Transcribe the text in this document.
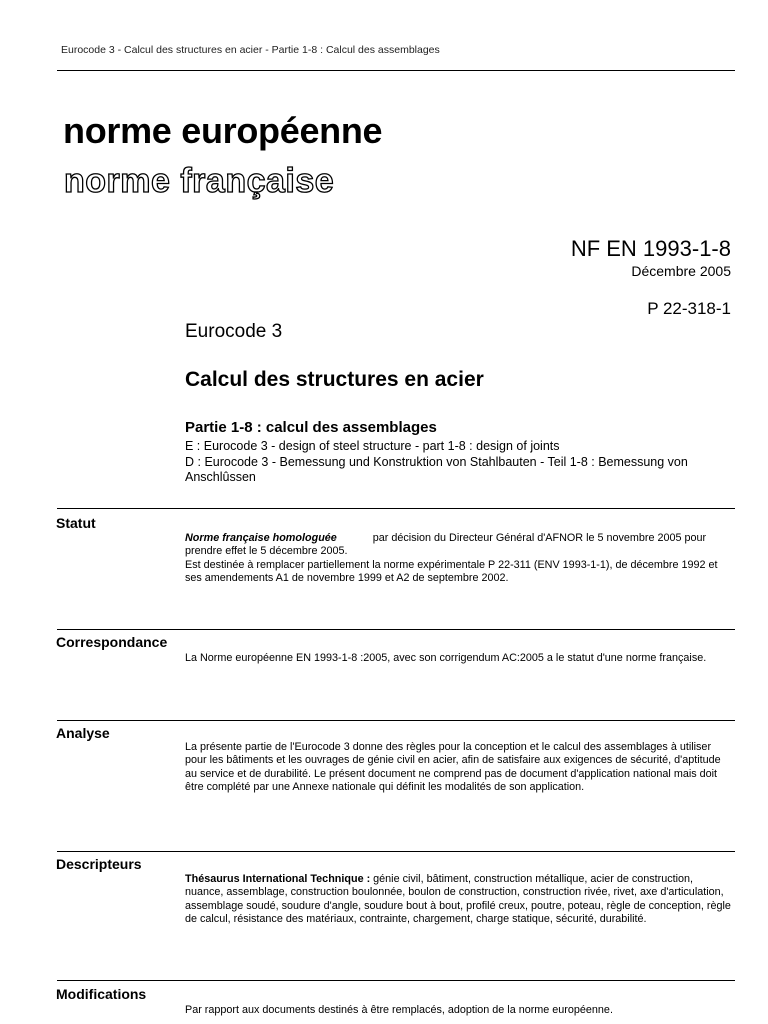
Eurocode 3 - Calcul des structures en acier - Partie 1-8 : Calcul des assemblages
norme européenne
norme française
NF EN 1993-1-8
Décembre 2005
P 22-318-1
Eurocode 3
Calcul des structures en acier
Partie 1-8 : calcul des assemblages
E : Eurocode 3 - design of steel structure - part 1-8 : design of joints
D : Eurocode 3 - Bemessung und Konstruktion von Stahlbauten - Teil 1-8 : Bemessung von Anschlûssen
Statut

Norme française homologuée	par décision du Directeur Général d'AFNOR le 5 novembre 2005 pour prendre effet le 5 décembre 2005.

Est destinée à remplacer partiellement la norme expérimentale P 22-311 (ENV 1993-1-1), de décembre 1992 et ses amendements A1 de novembre 1999 et A2 de septembre 2002.

Correspondance
La Norme européenne EN 1993-1-8 :2005, avec son corrigendum AC:2005 a le statut d'une norme française.
Analyse
La présente partie de l'Eurocode 3 donne des règles pour la conception et le calcul des assemblages à utiliser pour les bâtiments et les ouvrages de génie civil en acier, afin de satisfaire aux exigences de sécurité, d'aptitude au service et de durabilité. Le présent document ne comprend pas de document d'application national mais doit être complété par une Annexe nationale qui définit les modalités de son application.
Descripteurs

Thésaurus International Technique : génie civil, bâtiment, construction métallique, acier de construction, nuance, assemblage, construction boulonnée, boulon de construction, construction rivée, rivet, axe d'articulation, assemblage soudé, soudure d'angle, soudure bout à bout, profilé creux, poutre, poteau, règle de conception, règle de calcul, résistance des matériaux, contrainte, chargement, charge statique, sécurité, durabilité.

Modifications
Par rapport aux documents destinés à être remplacés, adoption de la norme européenne.
